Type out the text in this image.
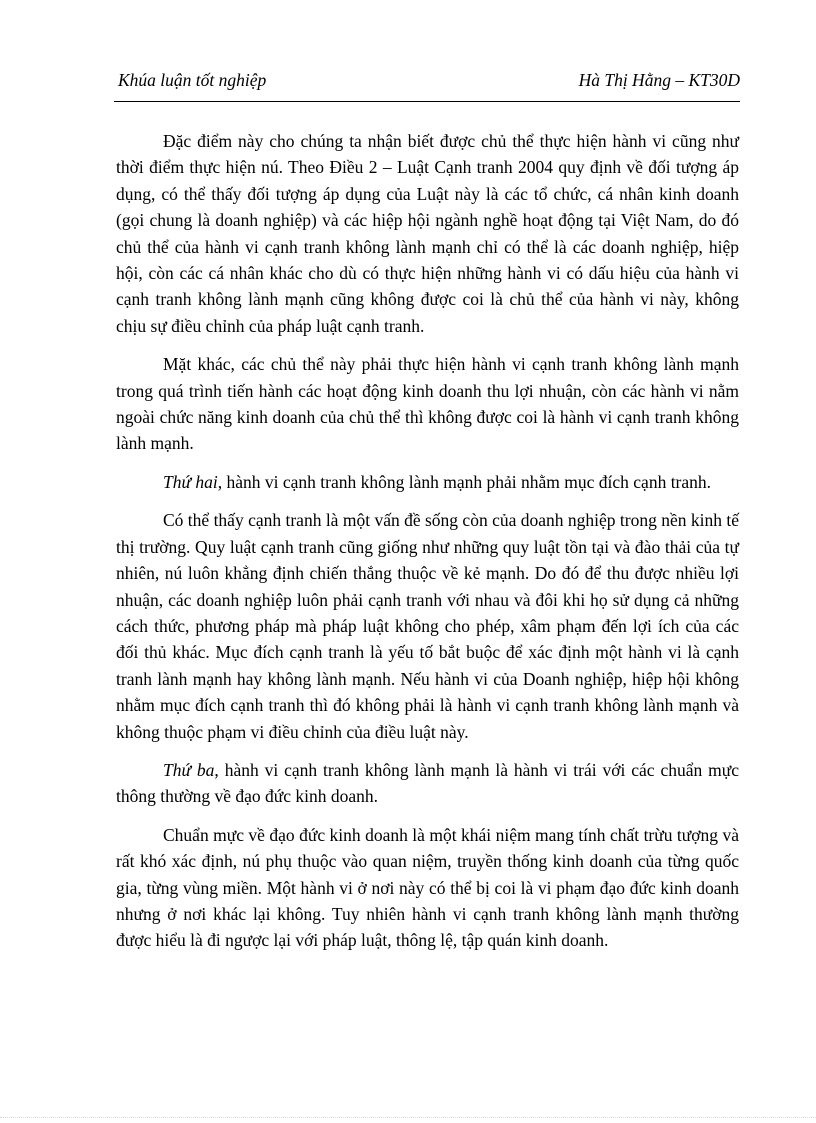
Khúa luận tốt nghiệp	Hà Thị Hằng – KT30D

Đặc điểm này cho chúng ta nhận biết được chủ thể thực hiện hành vi cũng như thời điểm thực hiện nú. Theo Điều 2 – Luật Cạnh tranh 2004 quy định về đối tượng áp dụng, có thể thấy đối tượng áp dụng của Luật này là các tổ chức, cá nhân kinh doanh (gọi chung là doanh nghiệp) và các hiệp hội ngành nghề hoạt động tại Việt Nam, do đó chủ thể của hành vi cạnh tranh không lành mạnh chỉ có thể là các doanh nghiệp, hiệp hội, còn các cá nhân khác cho dù có thực hiện những hành vi có dấu hiệu của hành vi cạnh tranh không lành mạnh cũng không được coi là chủ thể của hành vi này, không chịu sự điều chỉnh của pháp luật cạnh tranh.

Mặt khác, các chủ thể này phải thực hiện hành vi cạnh tranh không lành mạnh trong quá trình tiến hành các hoạt động kinh doanh thu lợi nhuận, còn các hành vi nằm ngoài chức năng kinh doanh của chủ thể thì không được coi là hành vi cạnh tranh không lành mạnh.

Thứ hai, hành vi cạnh tranh không lành mạnh phải nhằm mục đích cạnh tranh.

Có thể thấy cạnh tranh là một vấn đề sống còn của doanh nghiệp trong nền kinh tế thị trường. Quy luật cạnh tranh cũng giống như những quy luật tồn tại và đào thải của tự nhiên, nú luôn khẳng định chiến thắng thuộc về kẻ mạnh. Do đó để thu được nhiều lợi nhuận, các doanh nghiệp luôn phải cạnh tranh với nhau và đôi khi họ sử dụng cả những cách thức, phương pháp mà pháp luật không cho phép, xâm phạm đến lợi ích của các đối thủ khác. Mục đích cạnh tranh là yếu tố bắt buộc để xác định một hành vi là cạnh tranh lành mạnh hay không lành mạnh. Nếu hành vi của Doanh nghiệp, hiệp hội không nhằm mục đích cạnh tranh thì đó không phải là hành vi cạnh tranh không lành mạnh và không thuộc phạm vi điều chỉnh của điều luật này.

Thứ ba, hành vi cạnh tranh không lành mạnh là hành vi trái với các chuẩn mực thông thường về đạo đức kinh doanh.

Chuẩn mực về đạo đức kinh doanh là một khái niệm mang tính chất trừu tượng và rất khó xác định, nú phụ thuộc vào quan niệm, truyền thống kinh doanh của từng quốc gia, từng vùng miền. Một hành vi ở nơi này có thể bị coi là vi phạm đạo đức kinh doanh nhưng ở nơi khác lại không. Tuy nhiên hành vi cạnh tranh không lành mạnh thường được hiểu là đi ngược lại với pháp luật, thông lệ, tập quán kinh doanh.
